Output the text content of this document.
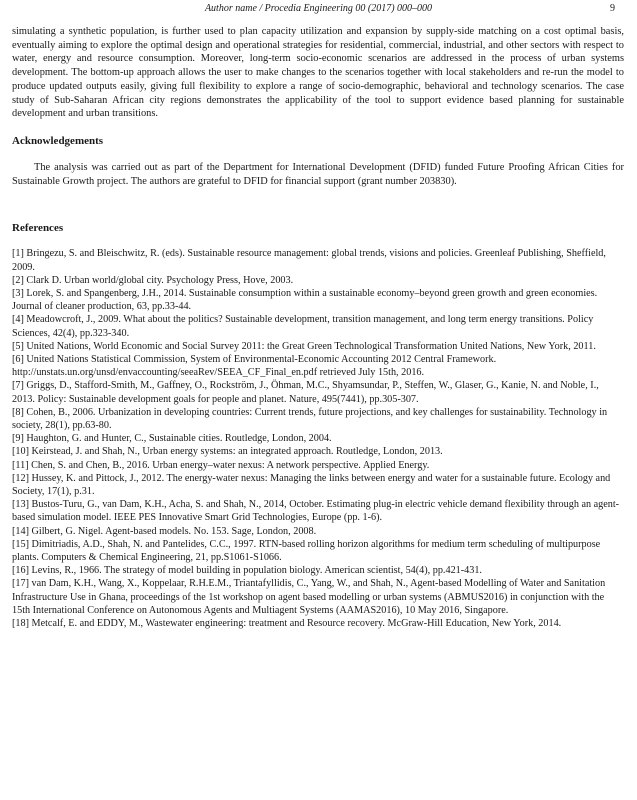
Author name / Procedia Engineering 00 (2017) 000–000	9

simulating a synthetic population, is further used to plan capacity utilization and expansion by supply-side matching on a cost optimal basis, eventually aiming to explore the optimal design and operational strategies for residential, commercial, industrial, and other sectors with respect to water, energy and resource consumption. Moreover, long-term socio-economic scenarios are addressed in the process of urban systems development. The bottom-up approach allows the user to make changes to the scenarios together with local stakeholders and re-run the model to produce updated outputs easily, giving full flexibility to explore a range of socio-demographic, behavioral and technology scenarios. The case study of Sub-Saharan African city regions demonstrates the applicability of the tool to support evidence based planning for sustainable development and urban transitions.

Acknowledgements

The analysis was carried out as part of the Department for International Development (DFID) funded Future Proofing African Cities for Sustainable Growth project. The authors are grateful to DFID for financial support (grant number 203830).

References
[1] Bringezu, S. and Bleischwitz, R. (eds). Sustainable resource management: global trends, visions and policies. Greenleaf Publishing, Sheffield, 2009.
[2] Clark D. Urban world/global city. Psychology Press, Hove, 2003.
[3] Lorek, S. and Spangenberg, J.H., 2014. Sustainable consumption within a sustainable economy–beyond green growth and green economies. Journal of cleaner production, 63, pp.33-44.
[4] Meadowcroft, J., 2009. What about the politics? Sustainable development, transition management, and long term energy transitions. Policy Sciences, 42(4), pp.323-340.
[5] United Nations, World Economic and Social Survey 2011: the Great Green Technological Transformation United Nations, New York, 2011.
[6] United Nations Statistical Commission, System of Environmental-Economic Accounting 2012 Central Framework. http://unstats.un.org/unsd/envaccounting/seeaRev/SEEA_CF_Final_en.pdf retrieved July 15th, 2016.
[7] Griggs, D., Stafford-Smith, M., Gaffney, O., Rockström, J., Öhman, M.C., Shyamsundar, P., Steffen, W., Glaser, G., Kanie, N. and Noble, I., 2013. Policy: Sustainable development goals for people and planet. Nature, 495(7441), pp.305-307.
[8] Cohen, B., 2006. Urbanization in developing countries: Current trends, future projections, and key challenges for sustainability. Technology in society, 28(1), pp.63-80.
[9] Haughton, G. and Hunter, C., Sustainable cities. Routledge, London, 2004.
[10] Keirstead, J. and Shah, N., Urban energy systems: an integrated approach. Routledge, London, 2013.
[11] Chen, S. and Chen, B., 2016. Urban energy–water nexus: A network perspective. Applied Energy.
[12] Hussey, K. and Pittock, J., 2012. The energy-water nexus: Managing the links between energy and water for a sustainable future. Ecology and Society, 17(1), p.31.
[13] Bustos-Turu, G., van Dam, K.H., Acha, S. and Shah, N., 2014, October. Estimating plug-in electric vehicle demand flexibility through an agent-based simulation model. IEEE PES Innovative Smart Grid Technologies, Europe (pp. 1-6).
[14] Gilbert, G. Nigel. Agent-based models. No. 153. Sage, London, 2008.
[15] Dimitriadis, A.D., Shah, N. and Pantelides, C.C., 1997. RTN-based rolling horizon algorithms for medium term scheduling of multipurpose plants. Computers & Chemical Engineering, 21, pp.S1061-S1066.
[16] Levins, R., 1966. The strategy of model building in population biology. American scientist, 54(4), pp.421-431.
[17] van Dam, K.H., Wang, X., Koppelaar, R.H.E.M., Triantafyllidis, C., Yang, W., and Shah, N., Agent-based Modelling of Water and Sanitation Infrastructure Use in Ghana, proceedings of the 1st workshop on agent based modelling or urban systems (ABMUS2016) in conjunction with the 15th International Conference on Autonomous Agents and Multiagent Systems (AAMAS2016), 10 May 2016, Singapore.
[18] Metcalf, E. and EDDY, M., Wastewater engineering: treatment and Resource recovery. McGraw-Hill Education, New York, 2014.
